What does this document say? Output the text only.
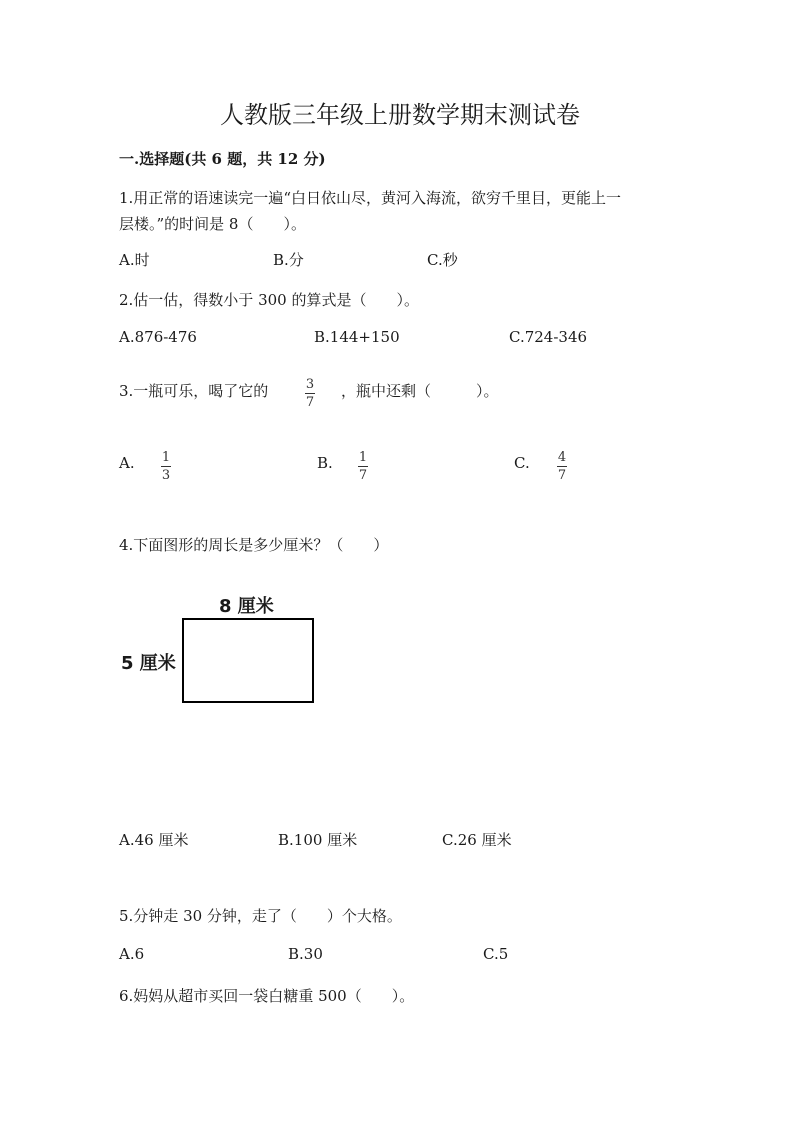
人教版三年级上册数学期末测试卷
一.选择题(共 6 题，共 12 分)
1.用正常的语速读完一遍“白日依山尽，黄河入海流，欲穷千里目，更能上一
层楼。”的时间是 8（　　）。
A.时	B.分	C.秒
2.估一估，得数小于 300 的算式是（　　）。
A.876-476	B.144+150	C.724-346
3.一瓶可乐，喝了它的	3
7
，瓶中还剩（　　　）。
A. 1
3
B. 1
7
C. 4
7
4.下面图形的周长是多少厘米？（　　）
8 厘米
5 厘米
A.46 厘米	B.100 厘米	C.26 厘米
5.分钟走 30 分钟，走了（　　）个大格。
A.6	B.30	C.5
6.妈妈从超市买回一袋白糖重 500（　　）。
